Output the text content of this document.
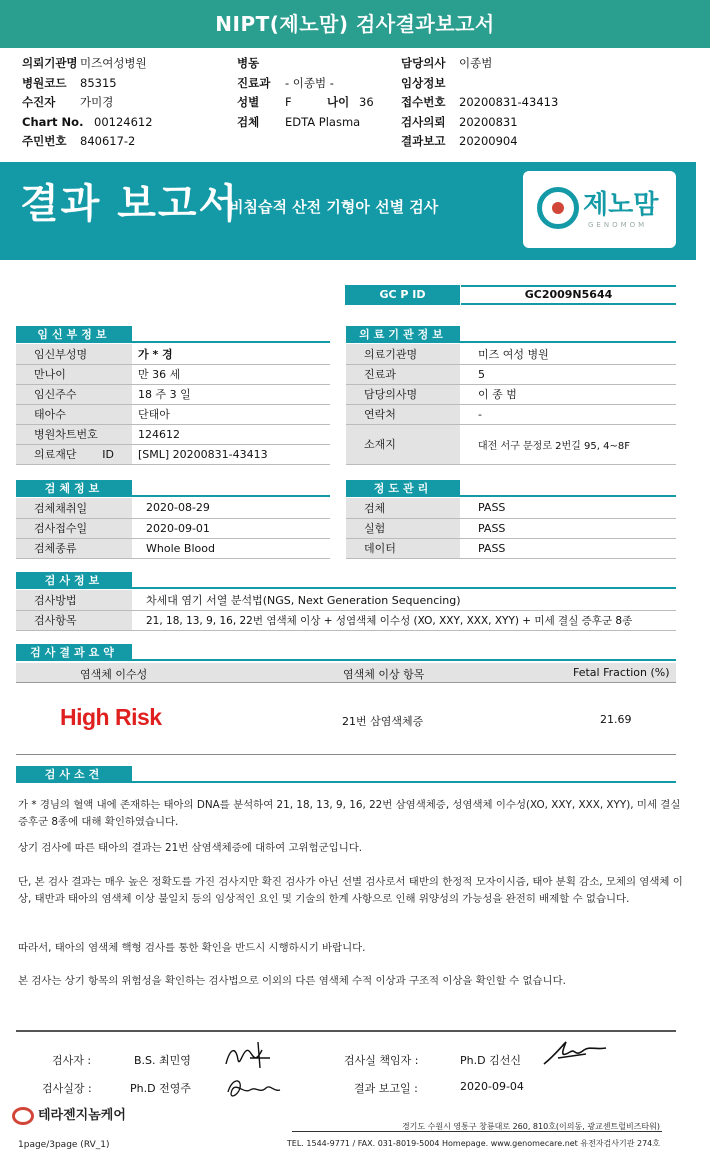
NIPT(제노맘) 검사결과보고서
의뢰기관명 미즈여성병원
병원코드 85315
수진자 가미경
Chart No. 00124612
주민번호 840617-2
병동
진료과 - 이종범 -
성별 F	나이 36
검체 EDTA Plasma
담당의사 이종범
임상정보
접수번호 20200831-43413
검사의뢰 20200831
결과보고 20200904
결과 보고서
비침습적 산전 기형아 선별 검사	제노맘
GENOMOM
GC P ID	GC2009N5644
임신부정보
임신부성명	가 * 경
만나이	만 36 세
임신주수	18 주 3 일
태아수	단태아
병원차트번호	124612
의료재단 ID	[SML] 20200831-43413
의료기관정보
의료기관명	미즈 여성 병원
진료과	5
담당의사명	이 종 범
연락처	-
소재지	대전 서구 문정로 2번길 95, 4~8F
검체정보
검체채취일	2020-08-29
검사접수일	2020-09-01
검체종류	Whole Blood
정도관리
검체	PASS
실험	PASS
데이터	PASS
검사정보
검사방법	차세대 염기 서열 분석법(NGS, Next Generation Sequencing)
검사항목	21, 18, 13, 9, 16, 22번 염색체 이상 + 성염색체 이수성 (XO, XXY, XXX, XYY) + 미세 결실 증후군 8종
검사결과요약
염색체 이수성	염색체 이상 항목	Fetal Fraction (%)
High Risk	21번 삼염색체증	21.69
검사소견
가 * 경님의 혈액 내에 존재하는 태아의 DNA를 분석하여 21, 18, 13, 9, 16, 22번 삼염색체증, 성염색체 이수성(XO, XXY, XXX, XYY), 미세 결실 증후군 8종에 대해 확인하였습니다.
상기 검사에 따른 태아의 결과는 21번 삼염색체증에 대하여 고위험군입니다.
단, 본 검사 결과는 매우 높은 정확도를 가진 검사지만 확진 검사가 아닌 선별 검사로서 태반의 한정적 모자이시즘, 태아 분획 감소, 모체의 염색체 이상, 태반과 태아의 염색체 이상 불일치 등의 임상적인 요인 및 기술의 한계 사항으로 인해 위양성의 가능성을 완전히 배제할 수 없습니다.
따라서, 태아의 염색체 핵형 검사를 통한 확인을 반드시 시행하시기 바랍니다.
본 검사는 상기 항목의 위험성을 확인하는 검사법으로 이외의 다른 염색체 수적 이상과 구조적 이상을 확인할 수 없습니다.
검사자 :	B.S. 최민영	검사실 책임자 :	Ph.D 김선신
검사실장 :	Ph.D 전영주	결과 보고일 :	2020-09-04
테라젠지놈케어
경기도 수원시 영통구 창룡대로 260, 810호(이의동, 광교센트럴비즈타워)
TEL. 1544-9771 / FAX. 031-8019-5004 Homepage. www.genomecare.net 유전자검사기관 274호
1page/3page (RV_1)
